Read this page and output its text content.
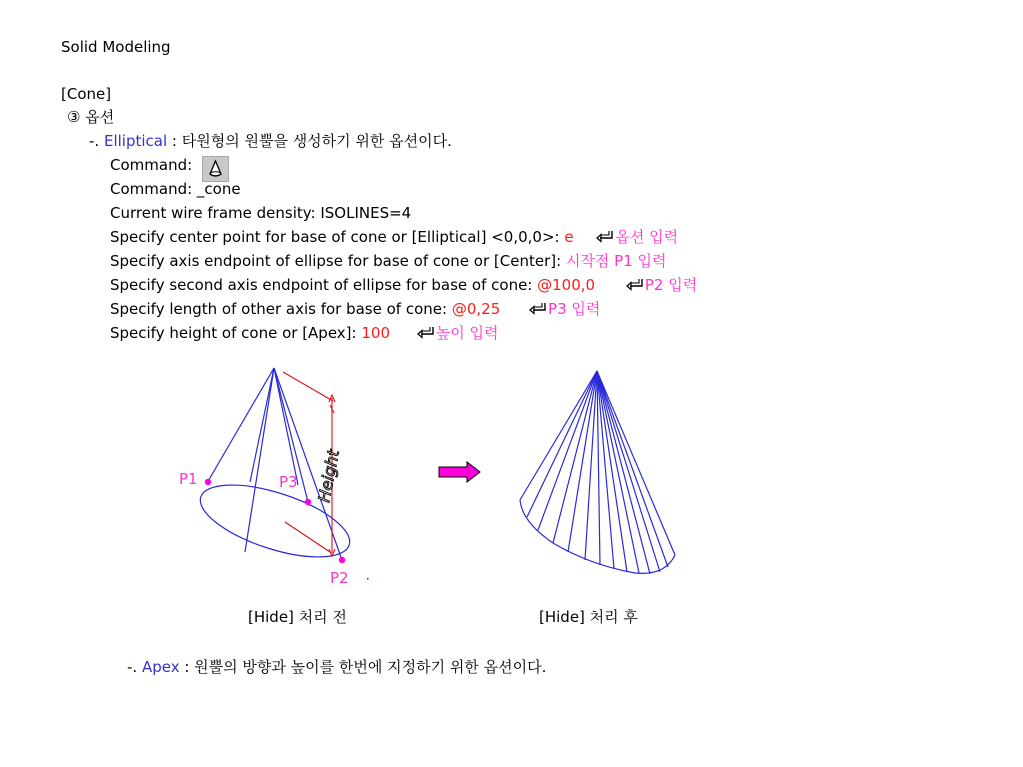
Solid Modeling
[Cone]
③ 옵션
-. Elliptical : 타원형의 원뿔을 생성하기 위한 옵션이다.
Command:
Command: _cone
Current wire frame density: ISOLINES=4
Specify center point for base of cone or [Elliptical] <0,0,0>: e	옵션 입력
Specify axis endpoint of ellipse for base of cone or [Center]: 시작점 P1 입력
Specify second axis endpoint of ellipse for base of cone: @100,0	P2 입력
Specify length of other axis for base of cone: @0,25	P3 입력
Specify height of cone or [Apex]: 100	높이 입력
P1	P3
P2
Height
[Hide] 처리 전	[Hide] 처리 후
-. Apex : 원뿔의 방향과 높이를 한번에 지정하기 위한 옵션이다.
